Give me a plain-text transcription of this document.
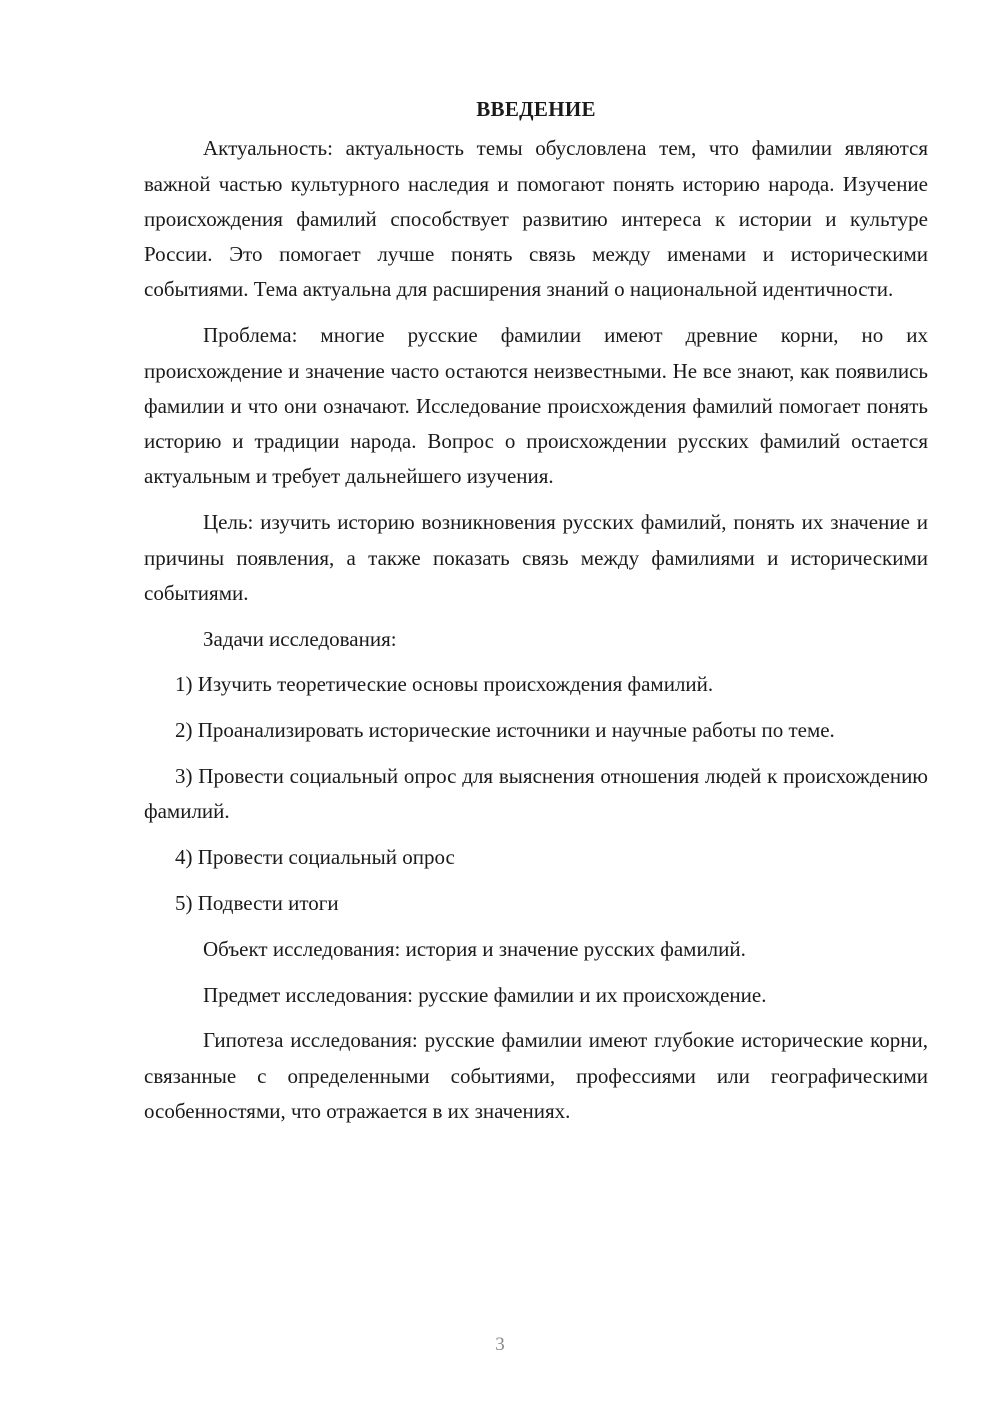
ВВЕДЕНИЕ

Актуальность: актуальность темы обусловлена тем, что фамилии являются важной частью культурного наследия и помогают понять историю народа. Изучение происхождения фамилий способствует развитию интереса к истории и культуре России. Это помогает лучше понять связь между именами и историческими событиями. Тема актуальна для расширения знаний о национальной идентичности.

Проблема: многие русские фамилии имеют древние корни, но их происхождение и значение часто остаются неизвестными. Не все знают, как появились фамилии и что они означают. Исследование происхождения фамилий помогает понять историю и традиции народа. Вопрос о происхождении русских фамилий остается актуальным и требует дальнейшего изучения.

Цель: изучить историю возникновения русских фамилий, понять их значение и причины появления, а также показать связь между фамилиями и историческими событиями.

Задачи исследования:

1) Изучить теоретические основы происхождения фамилий.

2) Проанализировать исторические источники и научные работы по теме.

3) Провести социальный опрос для выяснения отношения людей к происхождению фамилий.

4) Провести социальный опрос

5) Подвести итоги

Объект исследования: история и значение русских фамилий.

Предмет исследования: русские фамилии и их происхождение.

Гипотеза исследования: русские фамилии имеют глубокие исторические корни, связанные с определенными событиями, профессиями или географическими особенностями, что отражается в их значениях.

3
